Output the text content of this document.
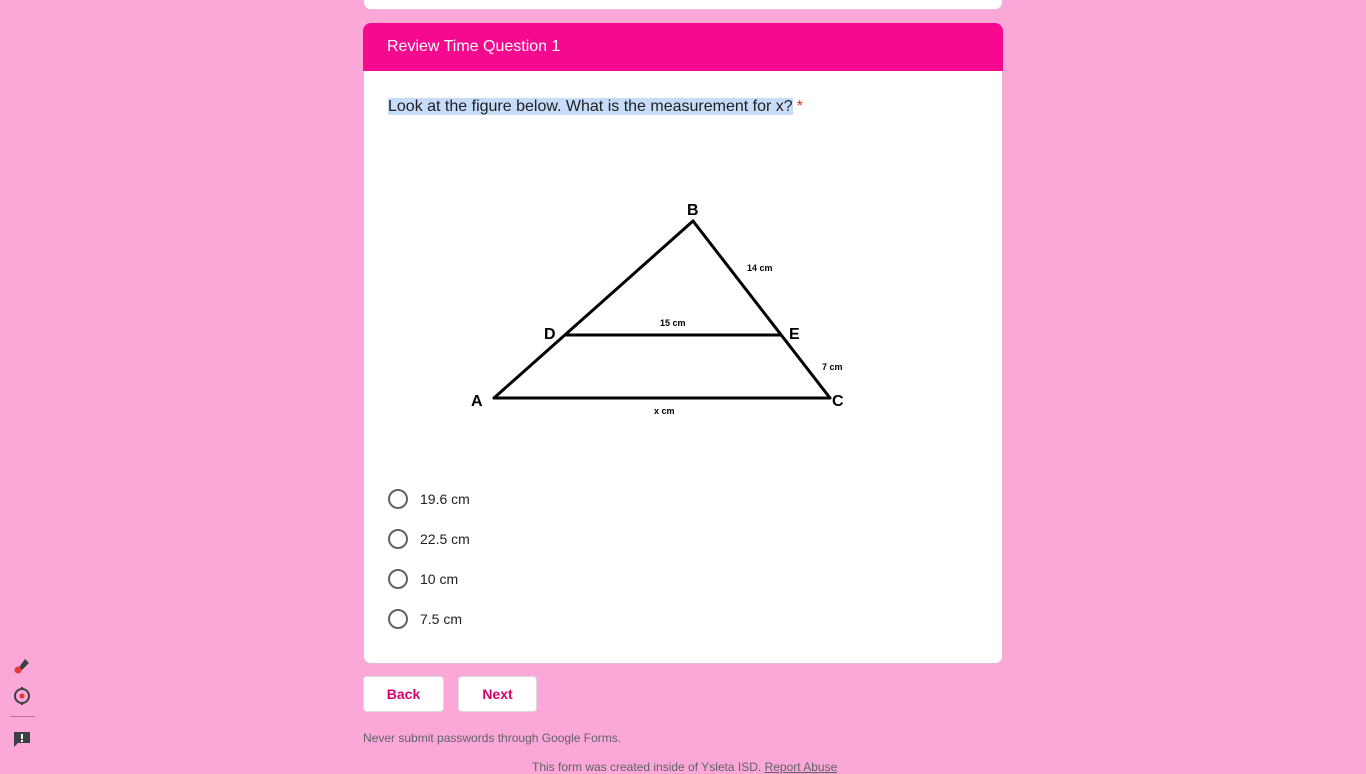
Review Time Question 1
Look at the figure below. What is the measurement for x? *
B
D	E
A	C
14 cm
15 cm
7 cm
x cm
19.6 cm
22.5 cm
10 cm
7.5 cm
Back	Next
Never submit passwords through Google Forms.
This form was created inside of Ysleta ISD. Report Abuse
